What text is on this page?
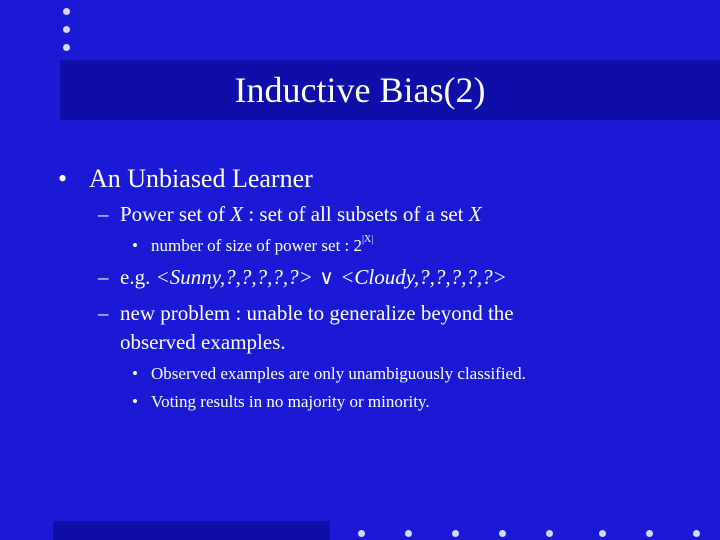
Inductive Bias(2)
• An Unbiased Learner
– Power set of X : set of all subsets of a set X
• number of size of power set : $2^{|X|}$
– e.g. <Sunny,?,?,?,?,?> ∨ <Cloudy,?,?,?,?,?>
– new problem : unable to generalize beyond the
observed examples.
• Observed examples are only unambiguously classified.
• Voting results in no majority or minority.
